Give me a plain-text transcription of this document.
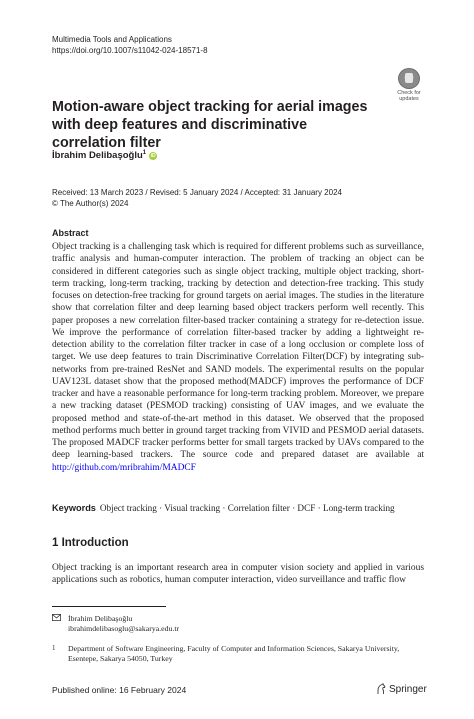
Multimedia Tools and Applications
https://doi.org/10.1007/s11042-024-18571-8
Check for
updates
Motion-aware object tracking for aerial images with deep features and discriminative correlation filter
İbrahim Delibaşoğlu$^1$iD
Received: 13 March 2023 / Revised: 5 January 2024 / Accepted: 31 January 2024
© The Author(s) 2024
Abstract
Object tracking is a challenging task which is required for different problems such as surveillance, traffic analysis and human-computer interaction. The problem of tracking an object can be considered in different categories such as single object tracking, multiple object tracking, short-term tracking, long-term tracking, tracking by detection and detection-free tracking. This study focuses on detection-free tracking for ground targets on aerial images. The studies in the literature show that correlation filter and deep learning based object trackers perform well recently. This paper proposes a new correlation filter-based tracker containing a strategy for re-detection issue. We improve the performance of correlation filter-based tracker by adding a lightweight re-detection ability to the correlation filter tracker in case of a long occlusion or complete loss of target. We use deep features to train Discriminative Correlation Filter(DCF) by integrating sub-networks from pre-trained ResNet and SAND models. The experimental results on the popular UAV123L dataset show that the proposed method(MADCF) improves the performance of DCF tracker and have a reasonable performance for long-term tracking problem. Moreover, we prepare a new tracking dataset (PESMOD tracking) consisting of UAV images, and we evaluate the proposed method and state-of-the-art method in this dataset. We observed that the proposed method performs much better in ground target tracking from VIVID and PESMOD aerial datasets. The proposed MADCF tracker performs better for small targets tracked by UAVs compared to the deep learning-based trackers. The source code and prepared dataset are available at http://github.com/mribrahim/MADCF
Keywords Object tracking · Visual tracking · Correlation filter · DCF · Long-term tracking
1 Introduction
Object tracking is an important research area in computer vision society and applied in various applications such as robotics, human computer interaction, video surveillance and traffic flow
İbrahim Delibaşoğlu
ibrahimdelibasoglu@sakarya.edu.tr
1 Department of Software Engineering, Faculty of Computer and Information Sciences, Sakarya University, Esentepe, Sakarya 54050, Turkey
Published online: 16 February 2024	Springer
